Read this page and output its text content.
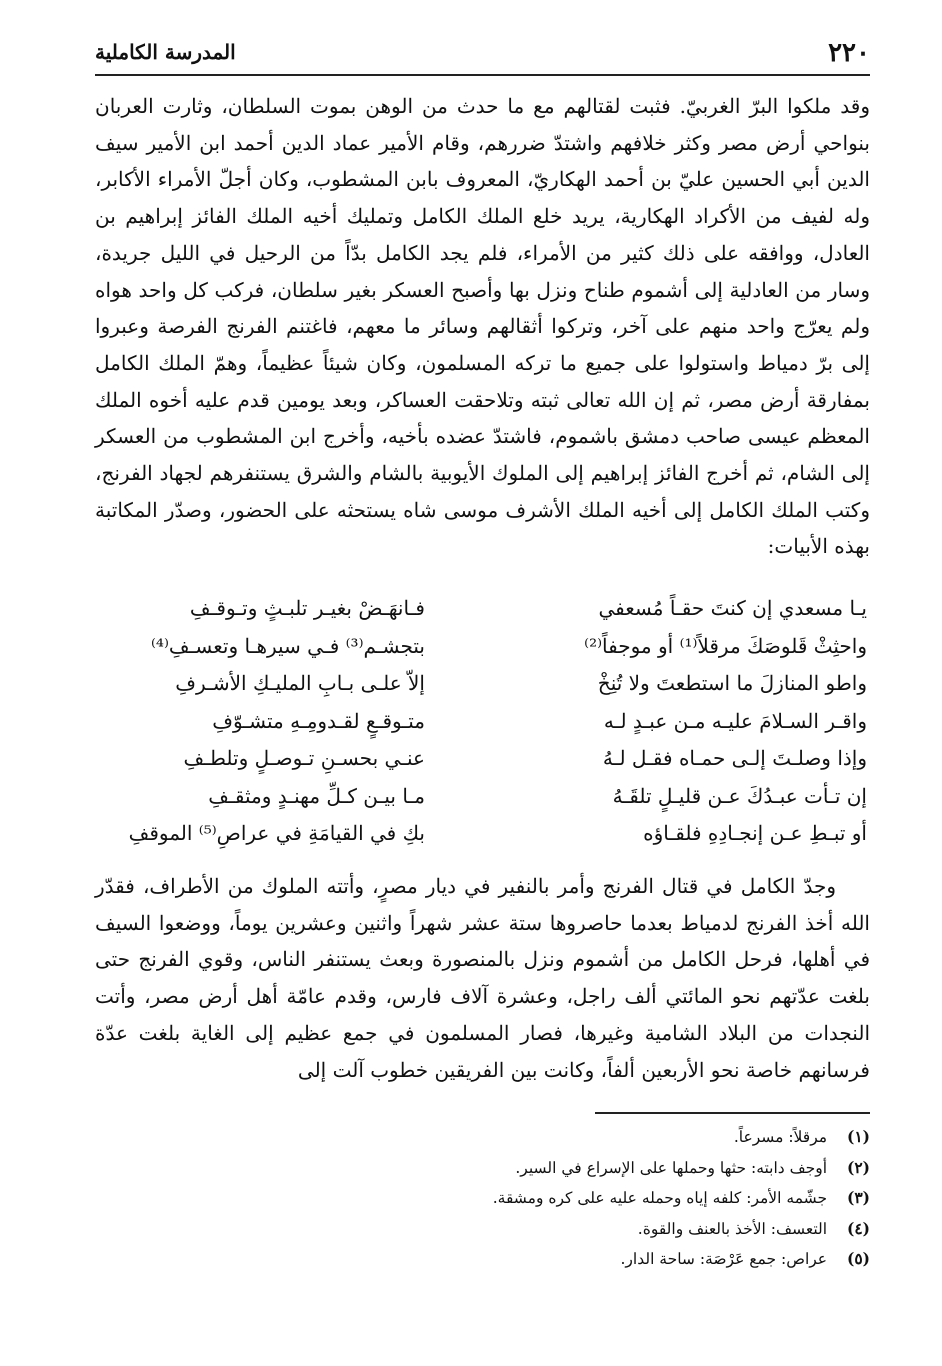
٢٢٠
المدرسة الكاملية

وقد ملكوا البرّ الغربيّ. فثبت لقتالهم مع ما حدث من الوهن بموت السلطان، وثارت العربان بنواحي أرض مصر وكثر خلافهم واشتدّ ضررهم، وقام الأمير عماد الدين أحمد ابن الأمير سيف الدين أبي الحسين عليّ بن أحمد الهكاريّ، المعروف بابن المشطوب، وكان أجلّ الأمراء الأكابر، وله لفيف من الأكراد الهكارية، يريد خلع الملك الكامل وتمليك أخيه الملك الفائز إبراهيم بن العادل، ووافقه على ذلك كثير من الأمراء، فلم يجد الكامل بدّاً من الرحيل في الليل جريدة، وسار من العادلية إلى أشموم طناح ونزل بها وأصبح العسكر بغير سلطان، فركب كل واحد هواه ولم يعرّج واحد منهم على آخر، وتركوا أثقالهم وسائر ما معهم، فاغتنم الفرنج الفرصة وعبروا إلى برّ دمياط واستولوا على جميع ما تركه المسلمون، وكان شيئاً عظيماً، وهمّ الملك الكامل بمفارقة أرض مصر، ثم إن الله تعالى ثبته وتلاحقت العساكر، وبعد يومين قدم عليه أخوه الملك المعظم عيسى صاحب دمشق باشموم، فاشتدّ عضده بأخيه، وأخرج ابن المشطوب من العسكر إلى الشام، ثم أخرج الفائز إبراهيم إلى الملوك الأيوبية بالشام والشرق يستنفرهم لجهاد الفرنج، وكتب الملك الكامل إلى أخيه الملك الأشرف موسى شاه يستحثه على الحضور، وصدّر المكاتبة بهذه الأبيات:

يـا مسعدي إن كنتَ حقـاً مُسعفي
فـانهَـضْ بغيـر تلبـثٍ وتـوقـفِ
واحثِثْ قَلوصَكَ مرقلاً⁽¹⁾ أو موجفاً⁽²⁾
بتجشـم⁽³⁾ فـي سيرهـا وتعسـفِ⁽⁴⁾
واطو المنازلَ ما استطعتَ ولا تُنِخْ
إلاّ علـى بـابِ المليـكِ الأشـرفِ
واقـر السـلامَ عليـه مـن عبـدٍ لـه
متـوقـعٍ لقـدومِـهِ متشـوّفِ
وإذا وصلـتَ إلـى حمـاه فقـل لـهُ
عنـي بحسـنِ تـوصـلٍ وتلطـفِ
إن تـأت عبـدُكَ عـن قليـلٍ تلقَـهُ
مـا بيـن كـلِّ مهنـدٍ ومثقـفِ
أو تبـطِ عـن إنجـادِهِ فلقـاؤه
بكِ في القيامَةِ في عراصِ⁽⁵⁾ الموقفِ

وجدّ الكامل في قتال الفرنج وأمر بالنفير في ديار مصرٍ، وأتته الملوك من الأطراف، فقدّر الله أخذ الفرنج لدمياط بعدما حاصروها ستة عشر شهراً واثنين وعشرين يوماً، ووضعوا السيف في أهلها، فرحل الكامل من أشموم ونزل بالمنصورة وبعث يستنفر الناس، وقوي الفرنج حتى بلغت عدّتهم نحو المائتي ألف راجل، وعشرة آلاف فارس، وقدم عامّة أهل أرض مصر، وأتت النجدات من البلاد الشامية وغيرها، فصار المسلمون في جمع عظيم إلى الغاية بلغت عدّة فرسانهم خاصة نحو الأربعين ألفاً، وكانت بين الفريقين خطوب آلت إلى

(١) مرقلاً: مسرعاً.
(٢) أوجف دابته: حثها وحملها على الإسراع في السير.
(٣) جشّمه الأمر: كلفه إياه وحمله عليه على كره ومشقة.
(٤) التعسف: الأخذ بالعنف والقوة.
(٥) عراص: جمع عَرْصَة: ساحة الدار.
